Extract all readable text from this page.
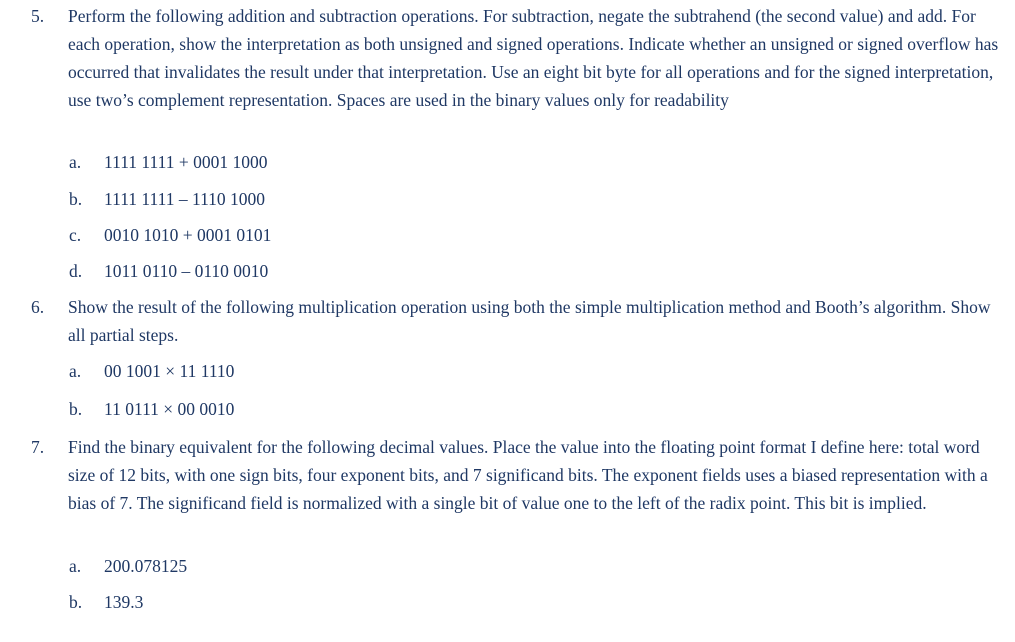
5. Perform the following addition and subtraction operations. For subtraction, negate the subtrahend (the second value) and add. For each operation, show the interpretation as both unsigned and signed operations. Indicate whether an unsigned or signed overflow has occurred that invalidates the result under that interpretation. Use an eight bit byte for all operations and for the signed interpretation, use two’s complement representation. Spaces are used in the binary values only for readability

a. 1111 1111 + 0001 1000
b. 1111 1111 – 1110 1000
c. 0010 1010 + 0001 0101
d. 1011 0110 – 0110 0010
6. Show the result of the following multiplication operation using both the simple multiplication method and Booth’s algorithm. Show all partial steps.

a. 00 1001 × 11 1110
b. 11 0111 × 00 0010
7. Find the binary equivalent for the following decimal values. Place the value into the floating point format I define here: total word size of 12 bits, with one sign bits, four exponent bits, and 7 significand bits. The exponent fields uses a biased representation with a bias of 7. The significand field is normalized with a single bit of value one to the left of the radix point. This bit is implied.

a. 200.078125
b. 139.3
